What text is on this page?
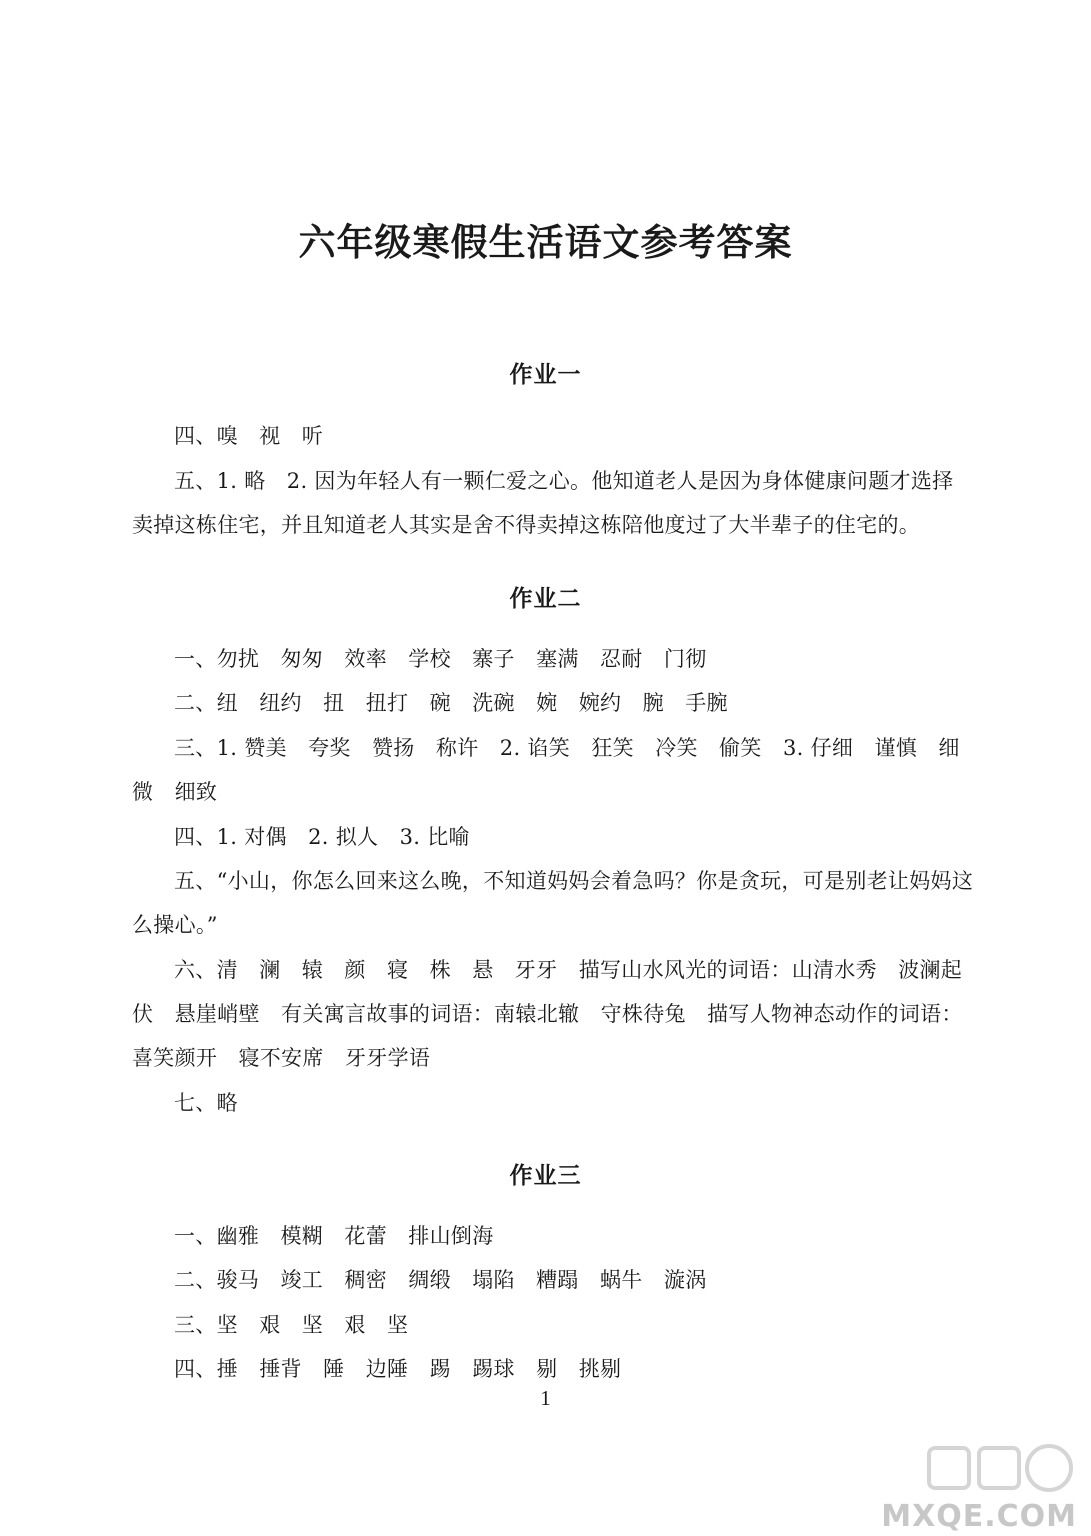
六年级寒假生活语文参考答案
作业一

四、嗅　视　听

五、1. 略　2. 因为年轻人有一颗仁爱之心。他知道老人是因为身体健康问题才选择卖掉这栋住宅，并且知道老人其实是舍不得卖掉这栋陪他度过了大半辈子的住宅的。

作业二

一、勿扰　匆匆　效率　学校　寨子　塞满　忍耐　门彻

二、纽　纽约　扭　扭打　碗　洗碗　婉　婉约　腕　手腕

三、1. 赞美　夸奖　赞扬　称许　2. 谄笑　狂笑　冷笑　偷笑　3. 仔细　谨慎　细微　细致

四、1. 对偶　2. 拟人　3. 比喻

五、“小山，你怎么回来这么晚，不知道妈妈会着急吗？你是贪玩，可是别老让妈妈这么操心。”

六、清　澜　辕　颜　寝　株　悬　牙牙　描写山水风光的词语：山清水秀　波澜起伏　悬崖峭壁　有关寓言故事的词语：南辕北辙　守株待兔　描写人物神态动作的词语：喜笑颜开　寝不安席　牙牙学语

七、略

作业三

一、幽雅　模糊　花蕾　排山倒海

二、骏马　竣工　稠密　绸缎　塌陷　糟蹋　蜗牛　漩涡

三、坚　艰　坚　艰　坚

四、捶　捶背　陲　边陲　踢　踢球　剔　挑剔

1
MXQE.COM
